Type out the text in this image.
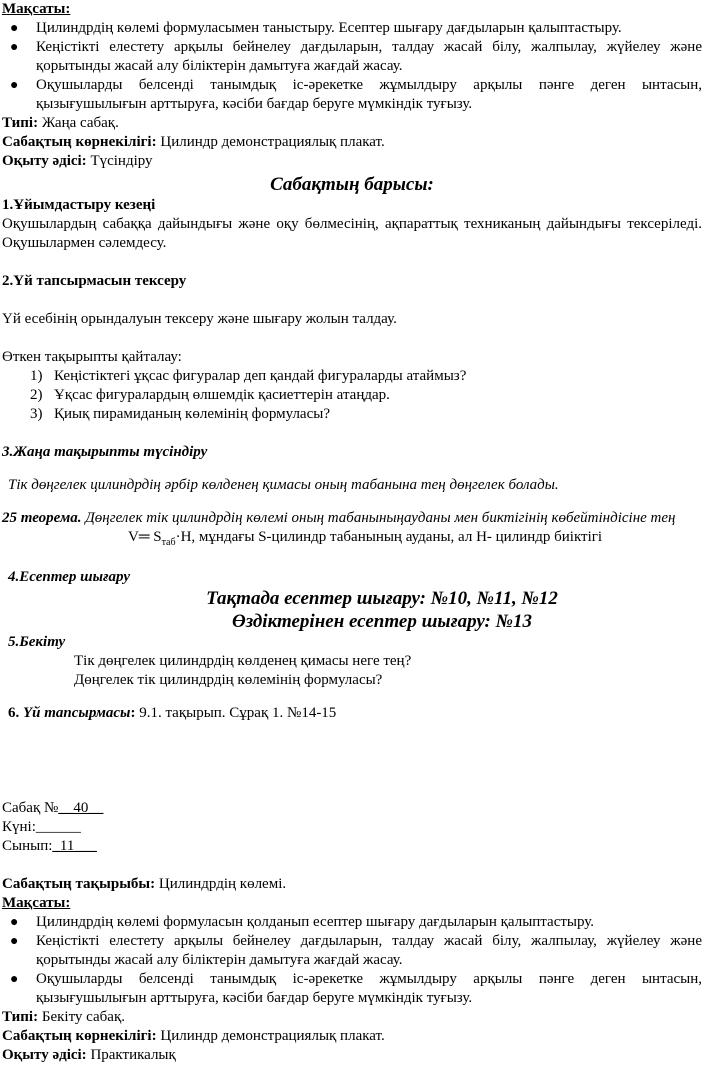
Мақсаты:

● Цилиндрдің көлемі формуласымен таныстыру. Есептер шығару дағдыларын қалыптастыру.
● Кеңістікті елестету арқылы бейнелеу дағдыларын, талдау жасай білу, жалпылау, жүйелеу және қорытынды жасай алу біліктерін дамытуға жағдай жасау.
● Оқушыларды белсенді танымдық іс-әрекетке жұмылдыру арқылы пәнге деген ынтасын, қызығушылығын арттыруға, кәсіби бағдар беруге мүмкіндік туғызу.

Типі: Жаңа сабақ.

Сабақтың көрнекілігі: Цилиндр демонстрациялық плакат.

Оқыту әдісі: Түсіндіру

Сабақтың барысы:

1.Ұйымдастыру кезеңі

Оқушылардың сабаққа дайындығы және оқу бөлмесінің, ақпараттық техниканың дайындығы тексеріледі. Оқушылармен сәлемдесу.

2.Үй тапсырмасын тексеру

Үй есебінің орындалуын тексеру және шығару жолын талдау.

Өткен тақырыпты қайталау:

1) Кеңістіктегі ұқсас фигуралар деп қандай фигураларды атаймыз?
2) Ұқсас фигуралардың өлшемдік қасиеттерін атаңдар.
3) Қиық пирамиданың көлемінің формуласы?

3.Жаңа тақырыпты түсіндіру

Тік дөңгелек цилиндрдің әрбір көлденең қимасы оның табанына тең дөңгелек болады.

25 теорема. Дөңгелек тік цилиндрдің көлемі оның табаныныңауданы мен биктігінің көбейтіндісіне тең

V═ $S_{таб}\cdot H$, мұндағы S-цилиндр табанының ауданы, ал Н- цилиндр биіктігі

4.Есептер шығару

Тақтада есептер шығару: №10, №11, №12

Өздіктерінен есептер шығару: №13

5.Бекіту

Тік дөңгелек цилиндрдің көлденең қимасы неге тең?

Дөңгелек тік цилиндрдің көлемінің формуласы?

6. Үй тапсырмасы: 9.1. тақырып. Сұрақ 1. №14-15

Сабақ №__40__

Күні:______

Сынып:_11___

Сабақтың тақырыбы: Цилиндрдің көлемі.

Мақсаты:

● Цилиндрдің көлемі формуласын қолданып есептер шығару дағдыларын қалыптастыру.
● Кеңістікті елестету арқылы бейнелеу дағдыларын, талдау жасай білу, жалпылау, жүйелеу және қорытынды жасай алу біліктерін дамытуға жағдай жасау.
● Оқушыларды белсенді танымдық іс-әрекетке жұмылдыру арқылы пәнге деген ынтасын, қызығушылығын арттыруға, кәсіби бағдар беруге мүмкіндік туғызу.

Типі: Бекіту сабақ.

Сабақтың көрнекілігі: Цилиндр демонстрациялық плакат.

Оқыту әдісі: Практикалық
